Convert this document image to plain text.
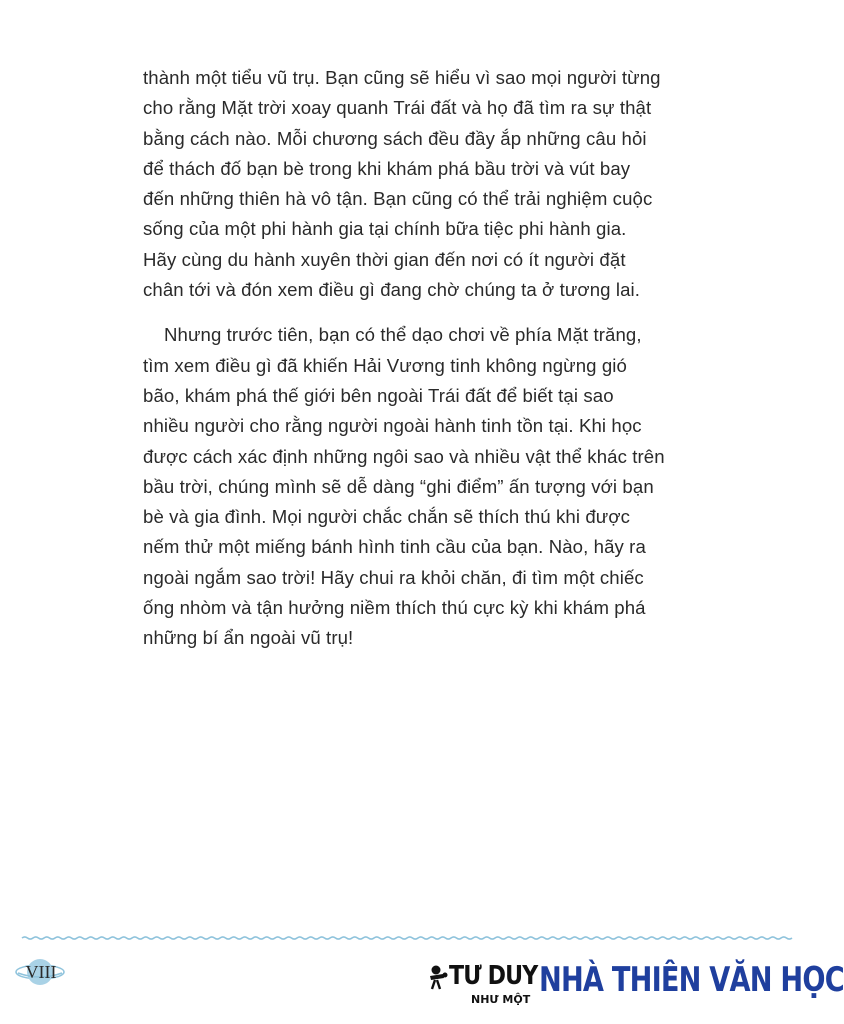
thành một tiểu vũ trụ. Bạn cũng sẽ hiểu vì sao mọi người từng
cho rằng Mặt trời xoay quanh Trái đất và họ đã tìm ra sự thật
bằng cách nào. Mỗi chương sách đều đầy ắp những câu hỏi
để thách đố bạn bè trong khi khám phá bầu trời và vút bay
đến những thiên hà vô tận. Bạn cũng có thể trải nghiệm cuộc
sống của một phi hành gia tại chính bữa tiệc phi hành gia.
Hãy cùng du hành xuyên thời gian đến nơi có ít người đặt
chân tới và đón xem điều gì đang chờ chúng ta ở tương lai.

Nhưng trước tiên, bạn có thể dạo chơi về phía Mặt trăng,
tìm xem điều gì đã khiến Hải Vương tinh không ngừng gió
bão, khám phá thế giới bên ngoài Trái đất để biết tại sao
nhiều người cho rằng người ngoài hành tinh tồn tại. Khi học
được cách xác định những ngôi sao và nhiều vật thể khác trên
bầu trời, chúng mình sẽ dễ dàng “ghi điểm” ấn tượng với bạn
bè và gia đình. Mọi người chắc chắn sẽ thích thú khi được
nếm thử một miếng bánh hình tinh cầu của bạn. Nào, hãy ra
ngoài ngắm sao trời! Hãy chui ra khỏi chăn, đi tìm một chiếc
ống nhòm và tận hưởng niềm thích thú cực kỳ khi khám phá
những bí ẩn ngoài vũ trụ!

VIII	TƯ DUY
NHƯ MỘT NHÀ THIÊN VĂN HỌC
